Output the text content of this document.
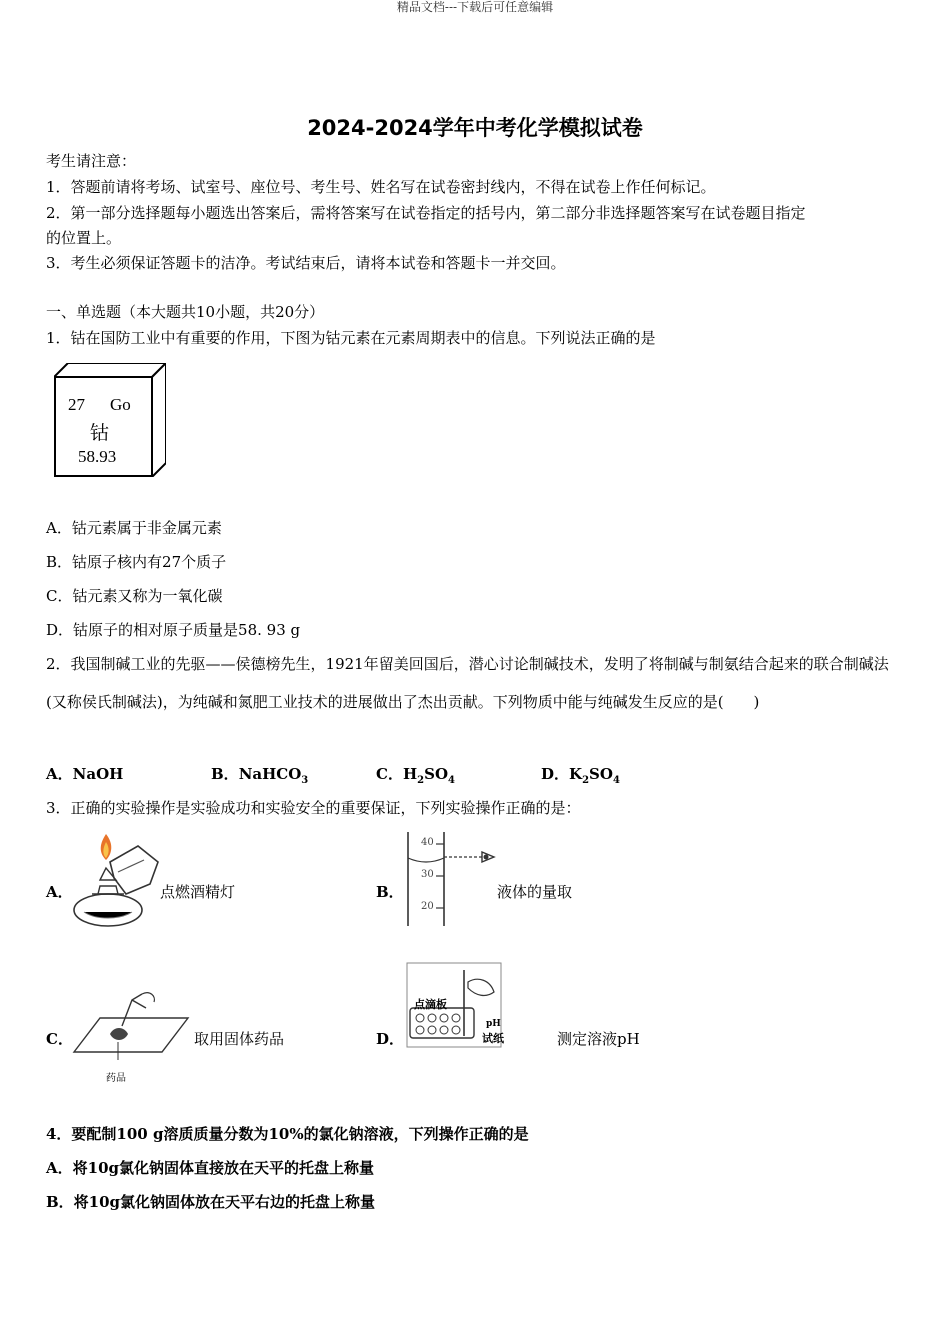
精品文档---下载后可任意编辑
2024-2024学年中考化学模拟试卷
考生请注意：
1．答题前请将考场、试室号、座位号、考生号、姓名写在试卷密封线内，不得在试卷上作任何标记。
2．第一部分选择题每小题选出答案后，需将答案写在试卷指定的括号内，第二部分非选择题答案写在试卷题目指定
的位置上。
3．考生必须保证答题卡的洁净。考试结束后，请将本试卷和答题卡一并交回。
一、单选题（本大题共10小题，共20分）
1．钴在国防工业中有重要的作用，下图为钴元素在元素周期表中的信息。下列说法正确的是
27 Go
钴
58.93
A．钴元素属于非金属元素
B．钴原子核内有27个质子
C．钴元素又称为一氧化碳
D．钴原子的相对原子质量是58. 93 g
2．我国制碱工业的先驱——侯德榜先生，1921年留美回国后，潜心讨论制碱技术，发明了将制碱与制氨结合起来的联合制碱法(又称侯氏制碱法)，为纯碱和氮肥工业技术的进展做出了杰出贡献。下列物质中能与纯碱发生反应的是(　　)
A．NaOH	B．NaHCO$_3$	C．$H_2SO_4$	D．$K_2SO_4$
3．正确的实验操作是实验成功和实验安全的重要保证，下列实验操作正确的是：
A．	点燃酒精灯	B．
40
30
20
液体的量取
C．
药品
取用固体药品	D．
点滴板
pH
试纸	测定溶液pH
4．要配制100 g溶质质量分数为10%的氯化钠溶液，下列操作正确的是
A．将10g氯化钠固体直接放在天平的托盘上称量
B．将10g氯化钠固体放在天平右边的托盘上称量
